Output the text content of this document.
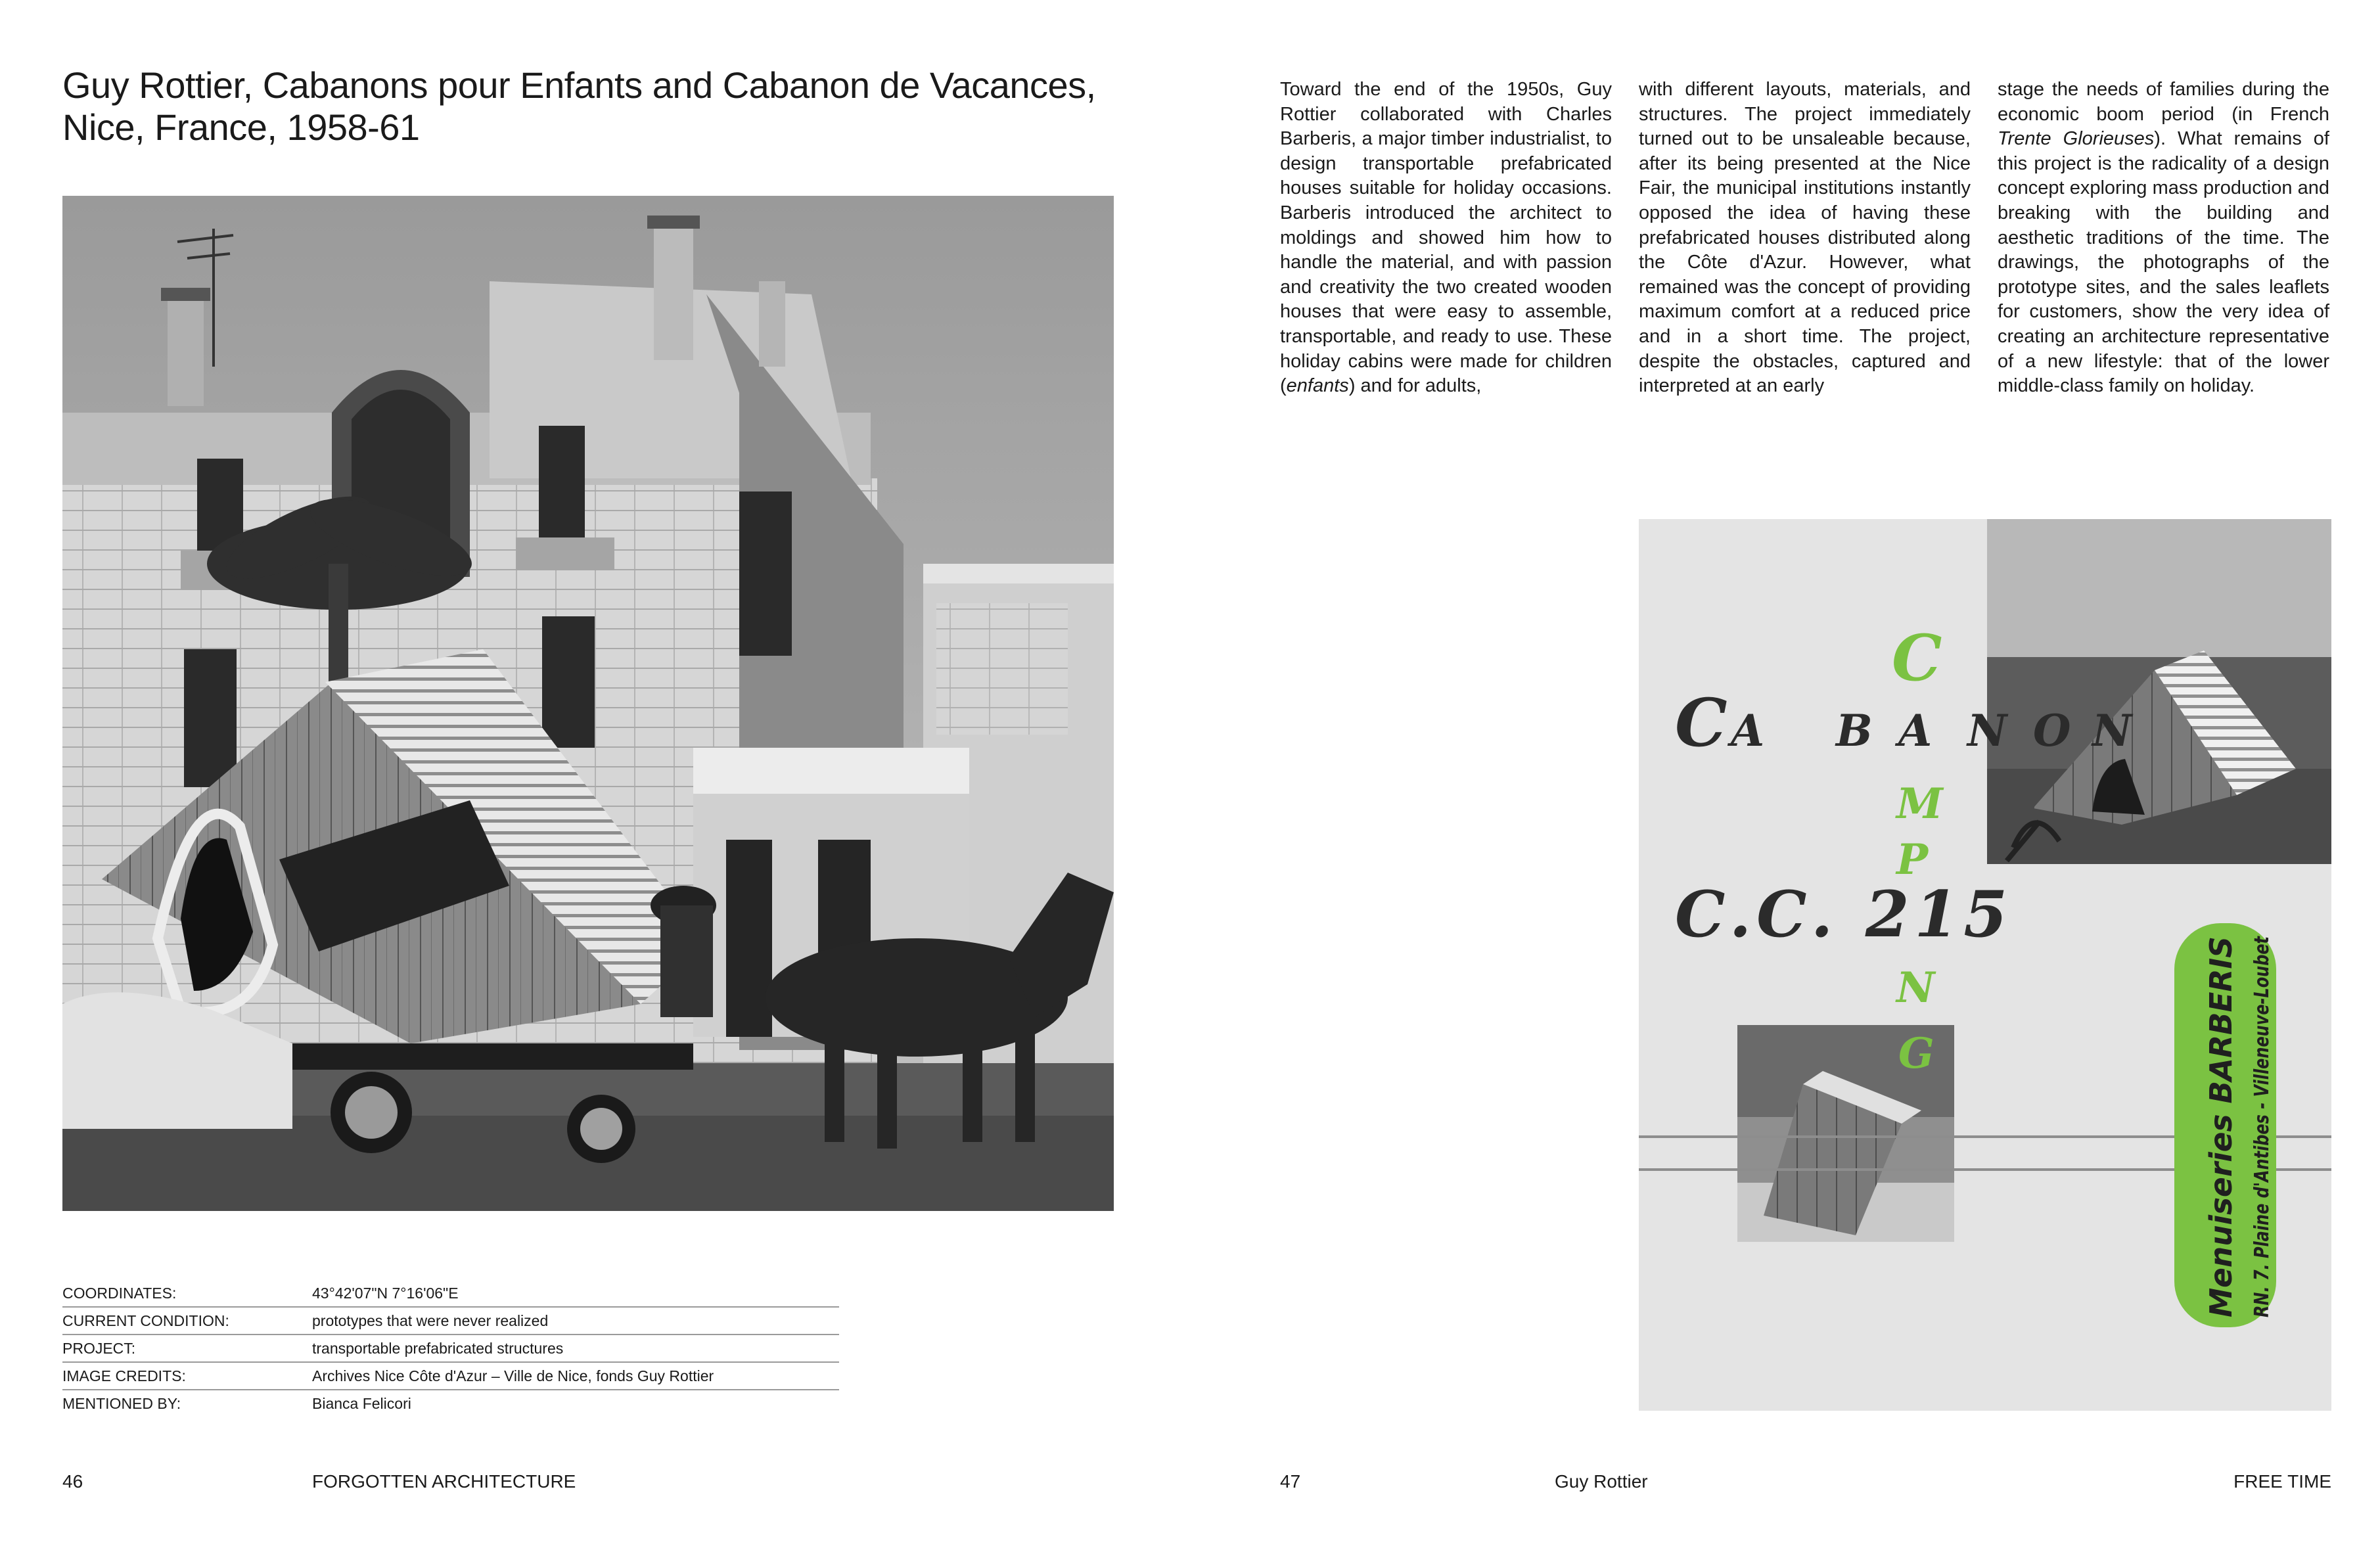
Guy Rottier, Cabanons pour Enfants and Cabanon de Vacances, Nice, France, 1958-61
COORDINATES:	43°42'07"N 7°16'06"E
CURRENT CONDITION:	prototypes that were never realized
PROJECT:	transportable prefabricated structures
IMAGE CREDITS:	Archives Nice Côte d'Azur – Ville de Nice, fonds Guy Rottier
MENTIONED BY:	Bianca Felicori

Toward the end of the 1950s, Guy Rottier collaborated with Charles Barberis, a major timber industrialist, to design transportable prefabricated houses suitable for holiday occasions. Barberis introduced the architect to moldings and showed him how to handle the material, and with passion and creativity the two created wooden houses that were easy to assemble, transportable, and ready to use. These holiday cabins were made for children (enfants) and for adults,

with different layouts, materials, and structures. The project immediately turned out to be unsaleable because, after its being presented at the Nice Fair, the municipal institutions instantly opposed the idea of having these prefabricated houses distributed along the Côte d'Azur. However, what remained was the concept of providing maximum comfort at a reduced price and in a short time. The project, despite the obstacles, captured and interpreted at an early

stage the needs of families during the economic boom period (in French Trente Glorieuses). What remains of this project is the radicality of a design concept exploring mass production and breaking with the building and aesthetic traditions of the time. The drawings, the photographs of the prototype sites, and the sales leaflets for customers, show the very idea of creating an architecture representative of a new lifestyle: that of the lower middle-class family on holiday.

C A B A N O N
C
M
P
N
G
C.C. 215
Menuiseries BARBERIS RN. 7. Plaine d'Antibes - Villeneuve-Loubet
46	FORGOTTEN ARCHITECTURE	47	Guy Rottier	FREE TIME
